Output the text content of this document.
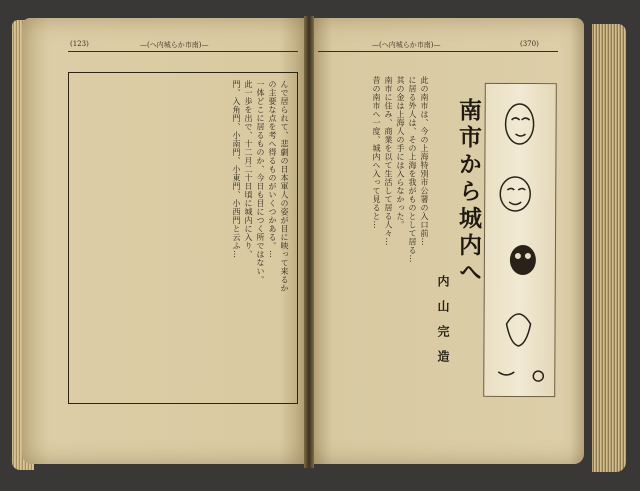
(123)	—(へ内城らか市南)—
んで居られて、悲劇の日本軍人の姿が目に映って来るか
の主要な点を考へ得るものがいくつかある。…
一体どこに居るものか、今日も目につく所ではない。
此一歩を出で、十二月二十日頃に城内に入り、
門、入角門、小南門、小東門、小西門と云ふ…
—(へ内城らか市南)—	(370)
此の南市は、今の上海特別市公署の入口前…
に居る外人は、その上海を我がものとして居る…
其の金は上海人の手には入らなかった。
南市に住み、商業を以て生活して居る人々…
昔の南市へ一度、城内へ入って見ると…	南市から城内へ
内山完造
